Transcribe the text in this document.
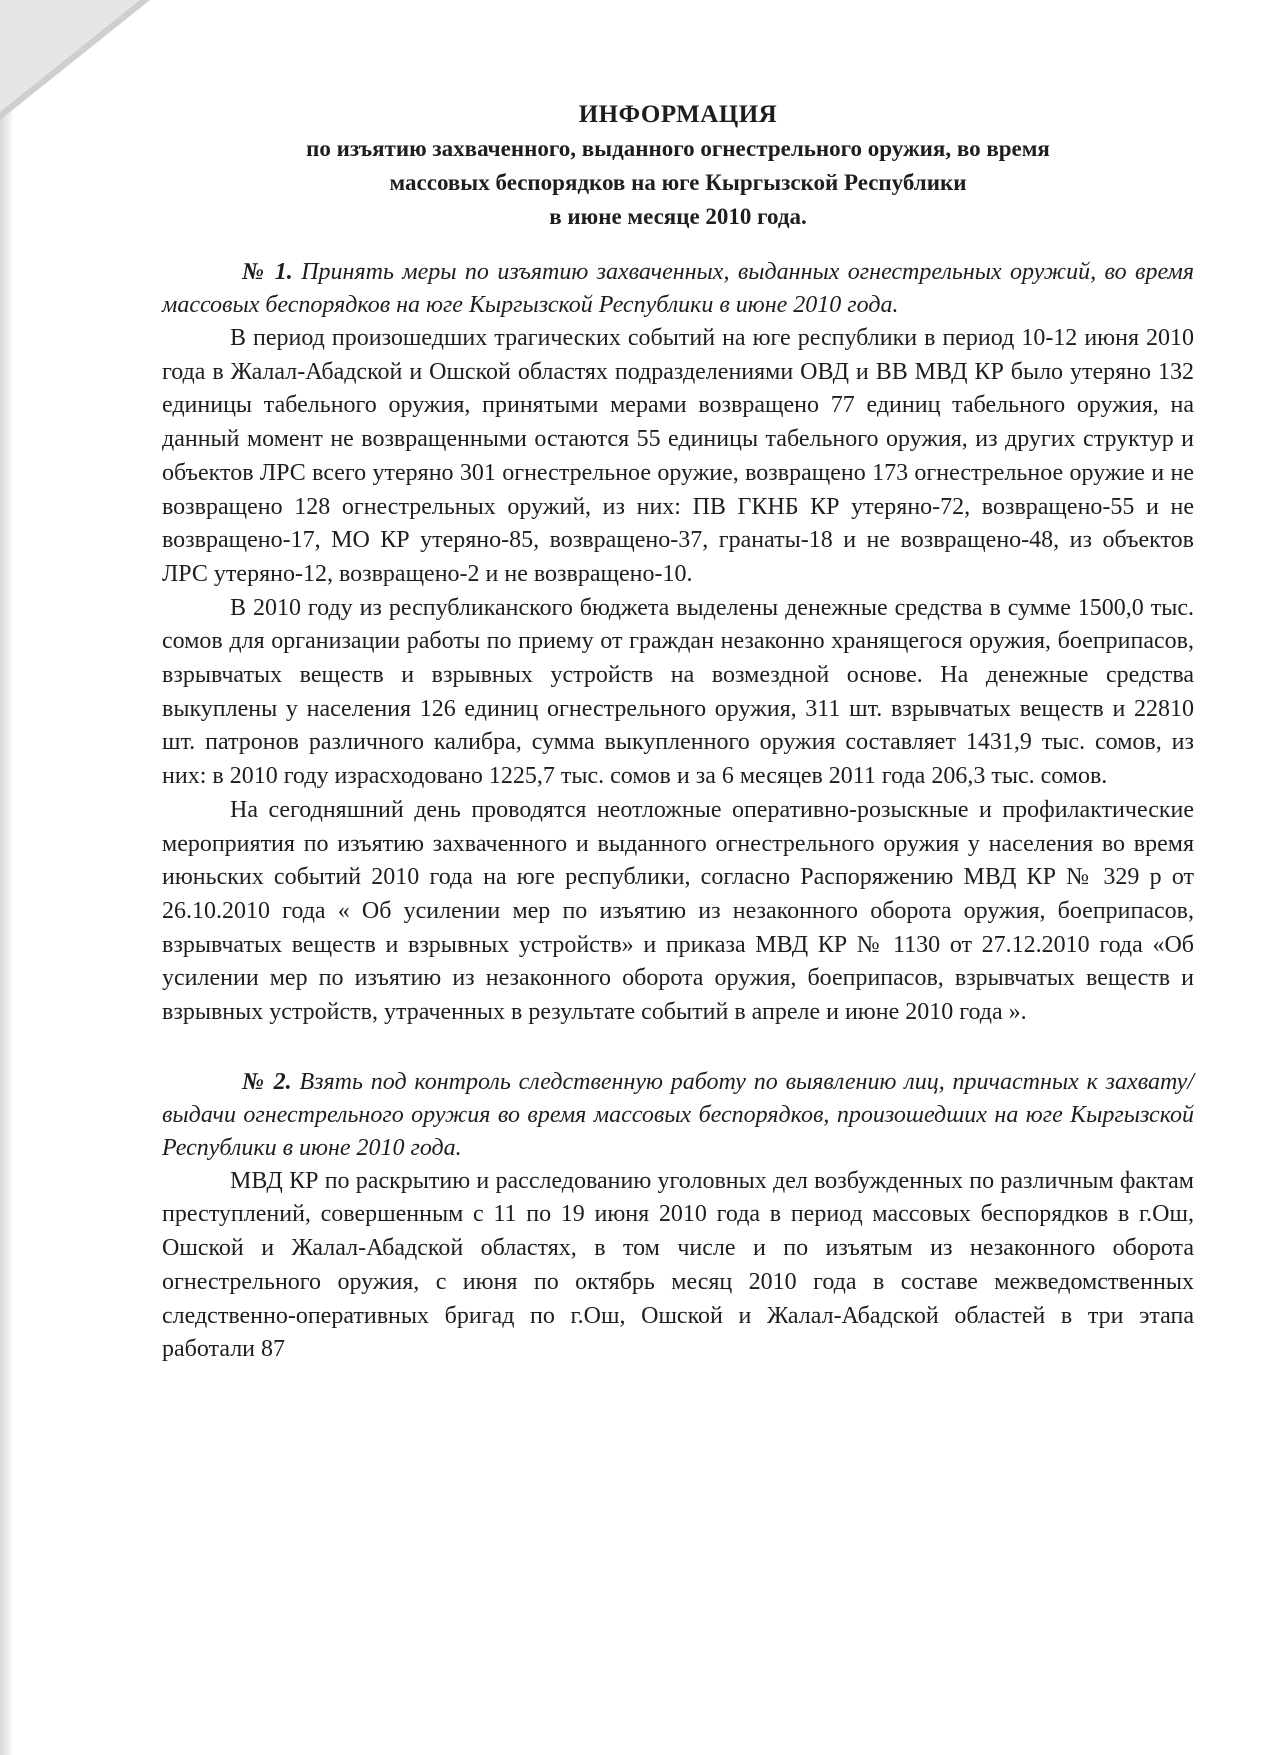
ИНФОРМАЦИЯ
по изъятию захваченного, выданного огнестрельного оружия, во время
массовых беспорядков на юге Кыргызской Республики
в июне месяце 2010 года.

№ 1. Принять меры по изъятию захваченных, выданных огнестрельных оружий, во время массовых беспорядков на юге Кыргызской Республики в июне 2010 года.

В период произошедших трагических событий на юге республики в период 10-12 июня 2010 года в Жалал-Абадской и Ошской областях подразделениями ОВД и ВВ МВД КР было утеряно 132 единицы табельного оружия, принятыми мерами возвращено 77 единиц табельного оружия, на данный момент не возвращенными остаются 55 единицы табельного оружия, из других структур и объектов ЛРС всего утеряно 301 огнестрельное оружие, возвращено 173 огнестрельное оружие и не возвращено 128 огнестрельных оружий, из них: ПВ ГКНБ КР утеряно-72, возвращено-55 и не возвращено-17, МО КР утеряно-85, возвращено-37, гранаты-18 и не возвращено-48, из объектов ЛРС утеряно-12, возвращено-2 и не возвращено-10.

В 2010 году из республиканского бюджета выделены денежные средства в сумме 1500,0 тыс. сомов для организации работы по приему от граждан незаконно хранящегося оружия, боеприпасов, взрывчатых веществ и взрывных устройств на возмездной основе. На денежные средства выкуплены у населения 126 единиц огнестрельного оружия, 311 шт. взрывчатых веществ и 22810 шт. патронов различного калибра, сумма выкупленного оружия составляет 1431,9 тыс. сомов, из них: в 2010 году израсходовано 1225,7 тыс. сомов и за 6 месяцев 2011 года 206,3 тыс. сомов.

На сегодняшний день проводятся неотложные оперативно-розыскные и профилактические мероприятия по изъятию захваченного и выданного огнестрельного оружия у населения во время июньских событий 2010 года на юге республики, согласно Распоряжению МВД КР № 329 р от 26.10.2010 года « Об усилении мер по изъятию из незаконного оборота оружия, боеприпасов, взрывчатых веществ и взрывных устройств» и приказа МВД КР № 1130 от 27.12.2010 года «Об усилении мер по изъятию из незаконного оборота оружия, боеприпасов, взрывчатых веществ и взрывных устройств, утраченных в результате событий в апреле и июне 2010 года ».

№ 2. Взять под контроль следственную работу по выявлению лиц, причастных к захвату/выдачи огнестрельного оружия во время массовых беспорядков, произошедших на юге Кыргызской Республики в июне 2010 года.

МВД КР по раскрытию и расследованию уголовных дел возбужденных по различным фактам преступлений, совершенным с 11 по 19 июня 2010 года в период массовых беспорядков в г.Ош, Ошской и Жалал-Абадской областях, в том числе и по изъятым из незаконного оборота огнестрельного оружия, с июня по октябрь месяц 2010 года в составе межведомственных следственно-оперативных бригад по г.Ош, Ошской и Жалал-Абадской областей в три этапа работали 87
